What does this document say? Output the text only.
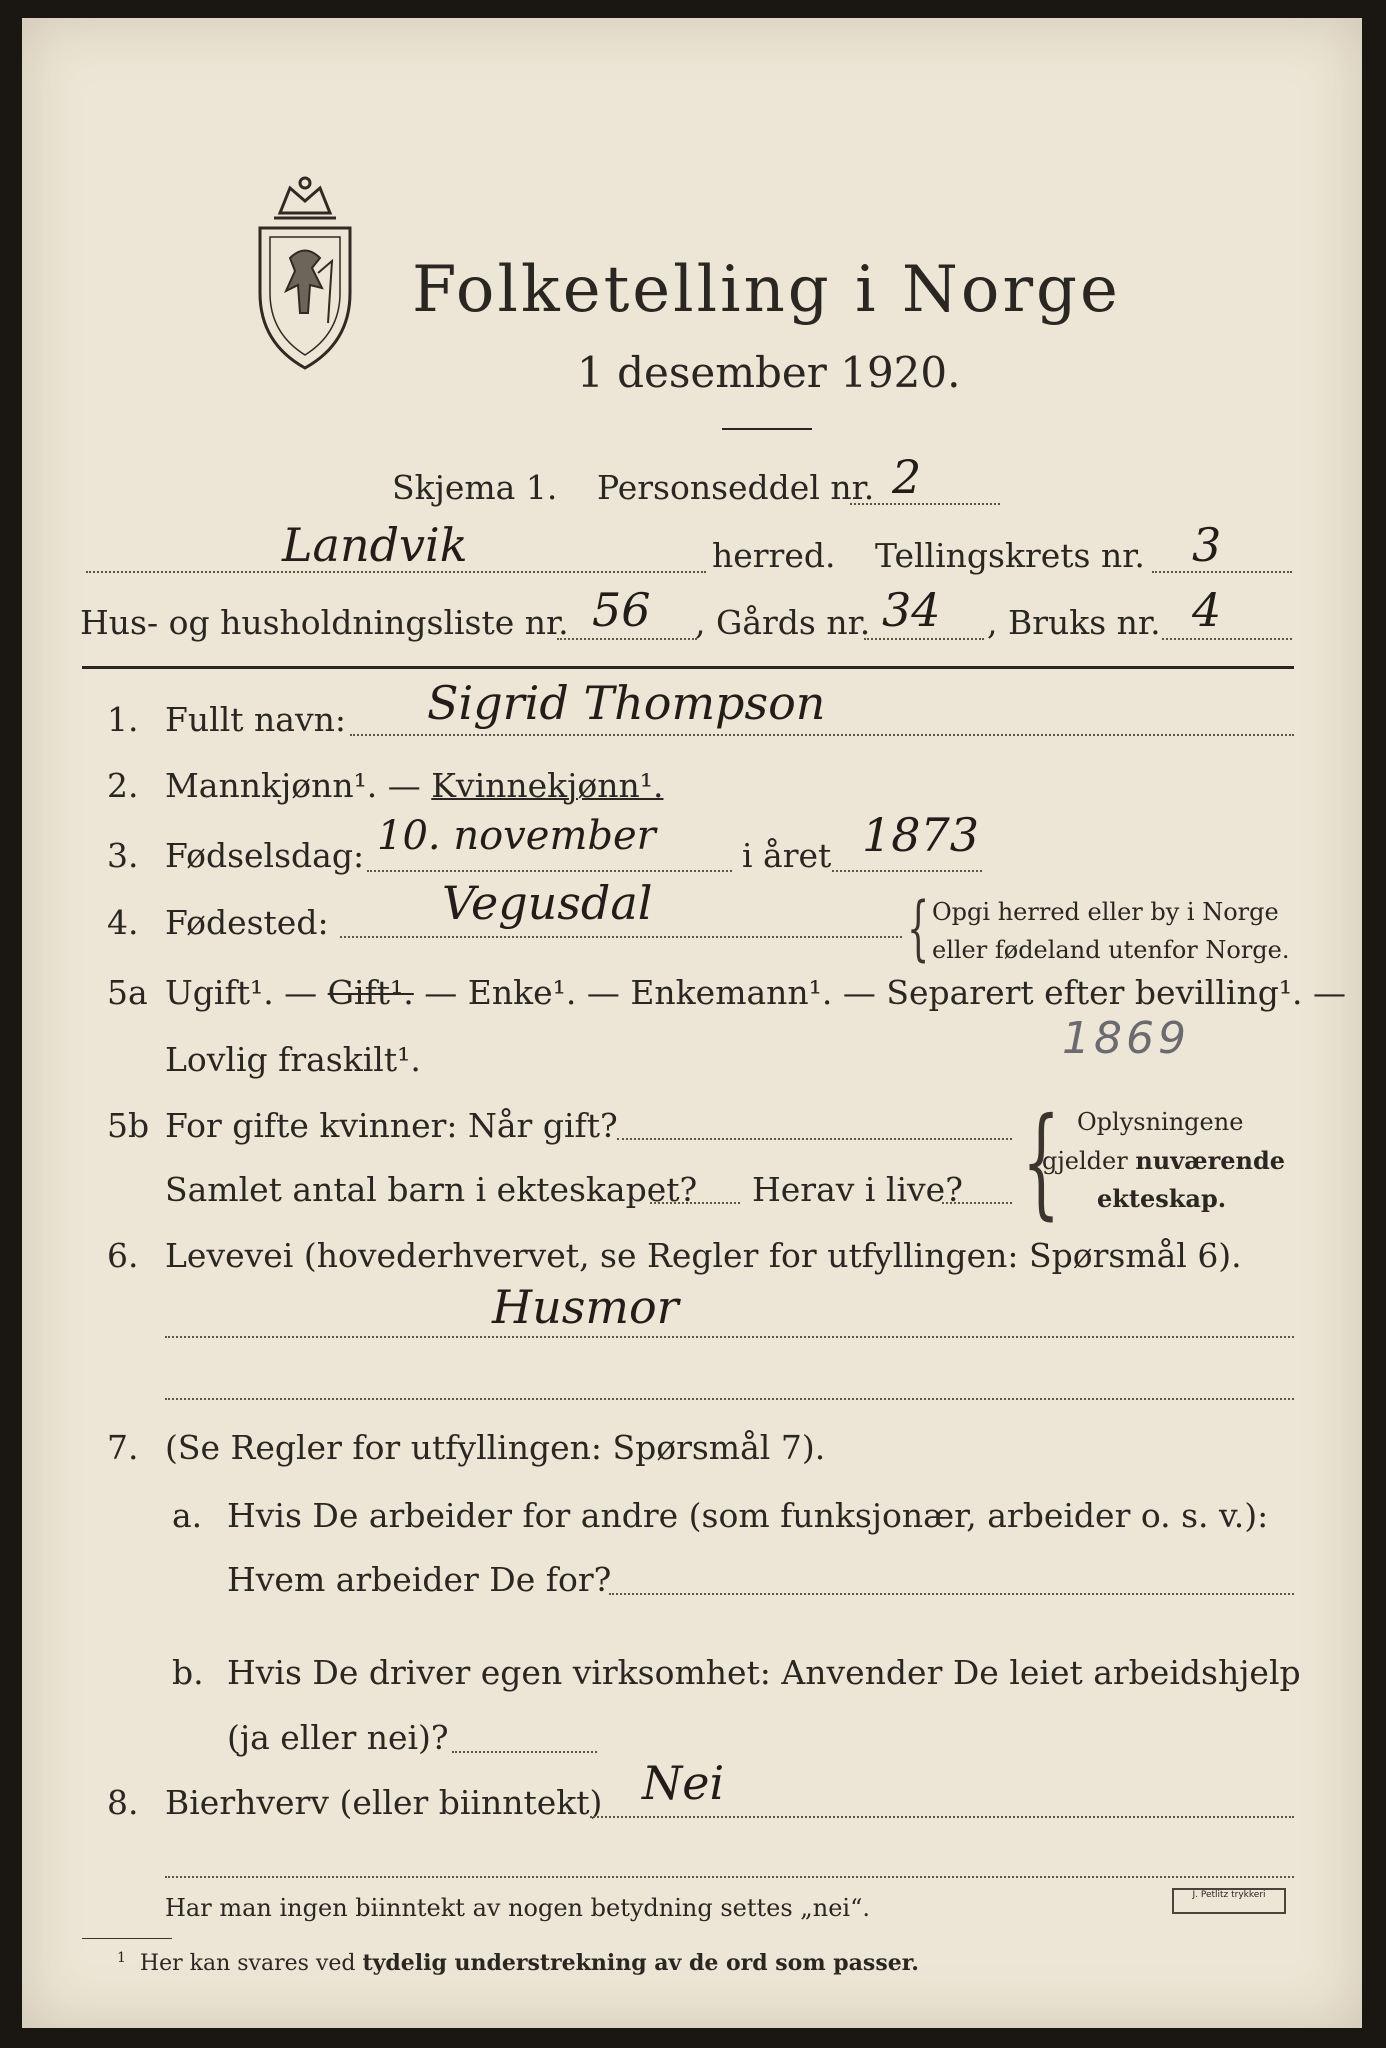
Folketelling i Norge
1 desember 1920.
Skjema 1. Personseddel nr. 2
Landvik	herred. Tellingskrets nr. 3
Hus- og husholdningsliste nr. 56 , Gårds nr. 34 , Bruks nr. 4
1. Fullt navn: Sigrid Thompson
2. Mannkjønn¹. — Kvinnekjønn¹.
3. Fødselsdag: 10. november	i året 1873
4. Fødested: Vegusdal	{ Opgi herred eller by i Norge
eller fødeland utenfor Norge.
5a Ugift¹. — Gift¹. — Enke¹. — Enkemann¹. — Separert efter bevilling¹. —
Lovlig fraskilt¹.	1869
5b For gifte kvinner: Når gift?
Samlet antal barn i ekteskapet? Herav i live? { Oplysningene
gjelder nuværende
ekteskap.
6. Levevei (hovederhvervet, se Regler for utfyllingen: Spørsmål 6).
Husmor
7. (Se Regler for utfyllingen: Spørsmål 7).
a. Hvis De arbeider for andre (som funksjonær, arbeider o. s. v.):
Hvem arbeider De for?
b. Hvis De driver egen virksomhet: Anvender De leiet arbeidshjelp
(ja eller nei)?
8. Bierhverv (eller biinntekt) Nei
Har man ingen biinntekt av nogen betydning settes „nei“.
$^1$ Her kan svares ved tydelig understrekning av de ord som passer.
J. Petlitz trykkeri
